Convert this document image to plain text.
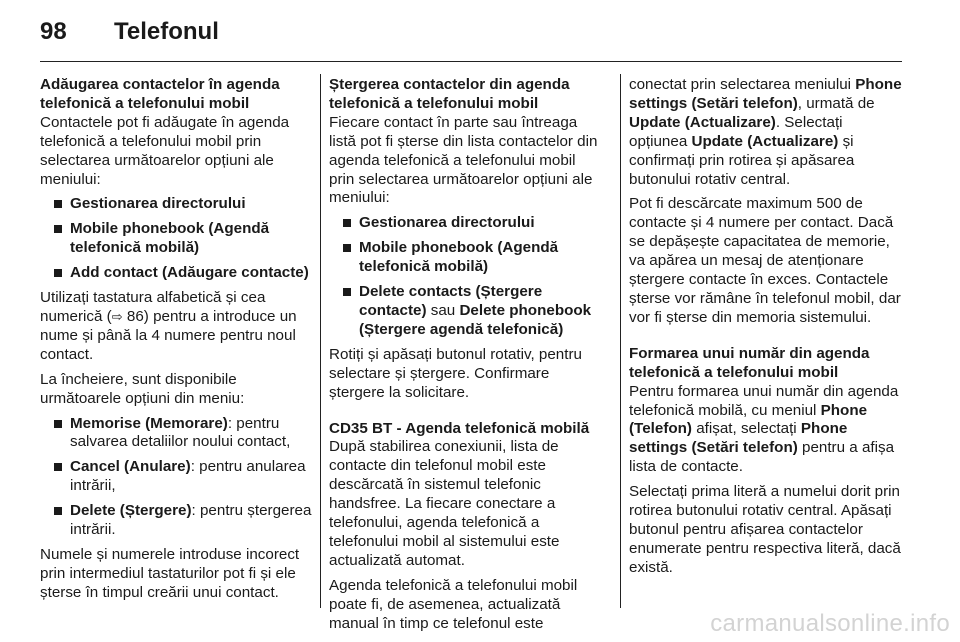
98	Telefonul
Adăugarea contactelor în agenda telefonică a telefonului mobil

Contactele pot fi adăugate în agenda telefonică a telefonului mobil prin selectarea următoarelor opțiuni ale meniului:

Gestionarea directorului
Mobile phonebook (Agendă telefonică mobilă)
Add contact (Adăugare contacte)

Utilizați tastatura alfabetică și cea numerică (⇨ 86) pentru a introduce un nume și până la 4 numere pentru noul contact.

La încheiere, sunt disponibile următoarele opțiuni din meniu:

Memorise (Memorare): pentru salvarea detaliilor noului contact,
Cancel (Anulare): pentru anularea intrării,
Delete (Ștergere): pentru ștergerea intrării.

Numele și numerele introduse incorect prin intermediul tastaturilor pot fi și ele șterse în timpul creării unui contact.

Ștergerea contactelor din agenda telefonică a telefonului mobil

Fiecare contact în parte sau întreaga listă pot fi șterse din lista contactelor din agenda telefonică a telefonului mobil prin selectarea următoarelor opțiuni ale meniului:

Gestionarea directorului
Mobile phonebook (Agendă telefonică mobilă)
Delete contacts (Ștergere contacte) sau Delete phonebook (Ștergere agendă telefonică)

Rotiți și apăsați butonul rotativ, pentru selectare și ștergere. Confirmare ștergere la solicitare.

CD35 BT - Agenda telefonică mobilă

După stabilirea conexiunii, lista de contacte din telefonul mobil este descărcată în sistemul telefonic handsfree. La fiecare conectare a telefonului, agenda telefonică a telefonului mobil al sistemului este actualizată automat.

Agenda telefonică a telefonului mobil poate fi, de asemenea, actualizată manual în timp ce telefonul este

conectat prin selectarea meniului Phone settings (Setări telefon), urmată de Update (Actualizare). Selectați opțiunea Update (Actualizare) și confirmați prin rotirea și apăsarea butonului rotativ central.

Pot fi descărcate maximum 500 de contacte și 4 numere per contact. Dacă se depășește capacitatea de memorie, va apărea un mesaj de atenționare ștergere contacte în exces. Contactele șterse vor rămâne în telefonul mobil, dar vor fi șterse din memoria sistemului.

Formarea unui număr din agenda telefonică a telefonului mobil

Pentru formarea unui număr din agenda telefonică mobilă, cu meniul Phone (Telefon) afișat, selectați Phone settings (Setări telefon) pentru a afișa lista de contacte.

Selectați prima literă a numelui dorit prin rotirea butonului rotativ central. Apăsați butonul pentru afișarea contactelor enumerate pentru respectiva literă, dacă există.

carmanualsonline.info
